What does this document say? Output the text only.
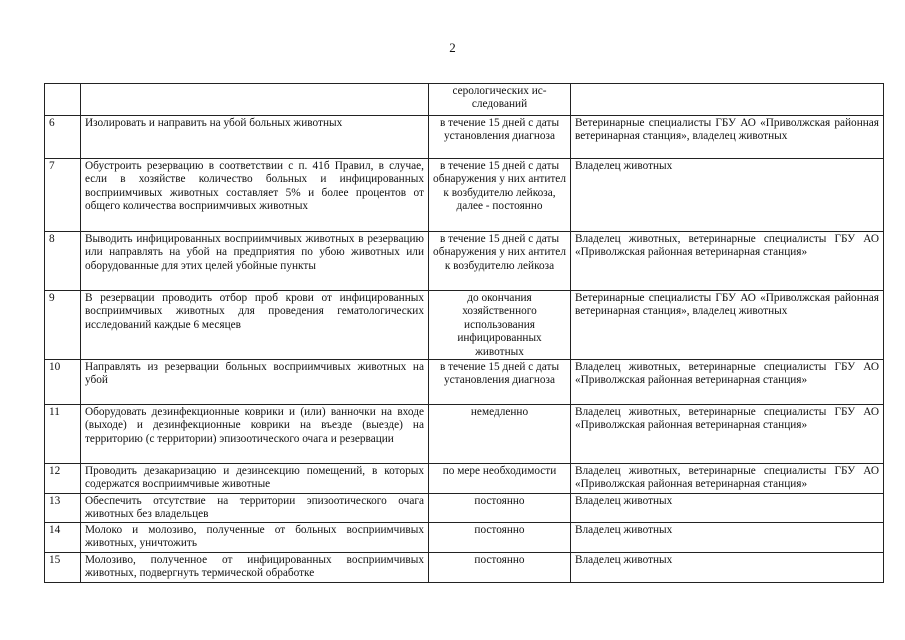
2
		серологических ис-следований	
6	Изолировать и направить на убой больных животных	в течение 15 дней с даты установления диагноза	Ветеринарные специалисты ГБУ АО «Приволжская районная ветеринарная станция», владелец животных
7	Обустроить резервацию в соответствии с п. 41б Правил, в случае, если в хозяйстве количество больных и инфицированных восприимчивых животных составляет 5% и более процентов от общего количества восприимчивых животных	в течение 15 дней с даты обнаружения у них антител к возбудителю лейкоза, далее - постоянно	Владелец животных
8	Выводить инфицированных восприимчивых животных в резервацию или направлять на убой на предприятия по убою животных или оборудованные для этих целей убойные пункты	в течение 15 дней с даты обнаружения у них антител к возбудителю лейкоза	Владелец животных, ветеринарные специалисты ГБУ АО «Приволжская районная ветеринарная станция»
9	В резервации проводить отбор проб крови от инфицированных восприимчивых животных для проведения гематологических исследований каждые 6 месяцев	до окончания хозяйственного использования инфицированных животных	Ветеринарные специалисты ГБУ АО «Приволжская районная ветеринарная станция», владелец животных
10	Направлять из резервации больных восприимчивых животных на убой	в течение 15 дней с даты установления диагноза	Владелец животных, ветеринарные специалисты ГБУ АО «Приволжская районная ветеринарная станция»
11	Оборудовать дезинфекционные коврики и (или) ванночки на входе (выходе) и дезинфекционные коврики на въезде (выезде) на территорию (с территории) эпизоотического очага и резервации	немедленно	Владелец животных, ветеринарные специалисты ГБУ АО «Приволжская районная ветеринарная станция»
12	Проводить дезакаризацию и дезинсекцию помещений, в которых содержатся восприимчивые животные	по мере необходимости	Владелец животных, ветеринарные специалисты ГБУ АО «Приволжская районная ветеринарная станция»
13	Обеспечить отсутствие на территории эпизоотического очага животных без владельцев	постоянно	Владелец животных
14	Молоко и молозиво, полученные от больных восприимчивых животных, уничтожить	постоянно	Владелец животных
15	Молозиво, полученное от инфицированных восприимчивых животных, подвергнуть термической обработке	постоянно	Владелец животных
